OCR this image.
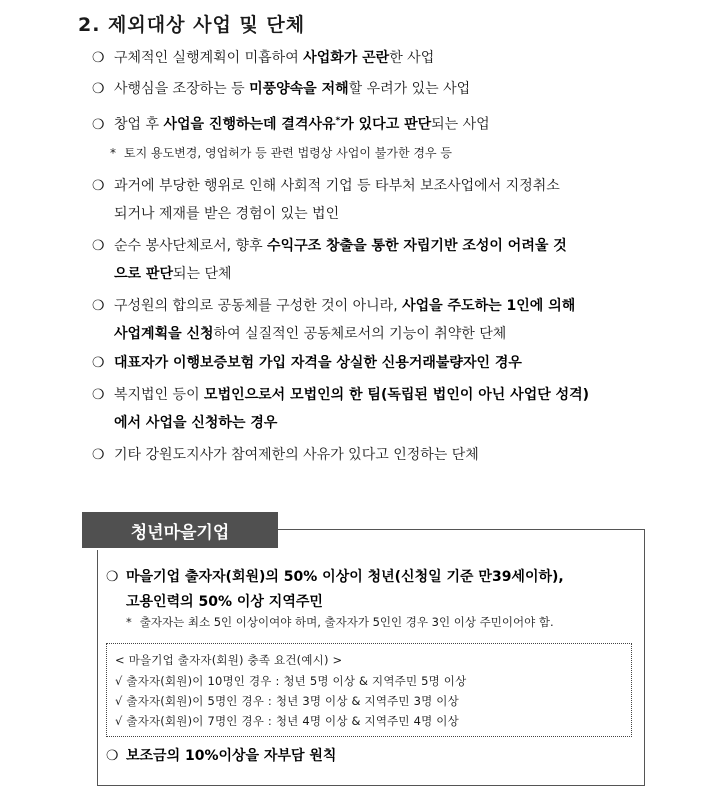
2. 제외대상 사업 및 단체
* 토지 용도변경, 영업허가 등 관련 법령상 사업이 불가한 경우 등
청년마을기업
❍ 마을기업 출자자(회원)의 50% 이상이 청년(신청일 기준 만39세이하),
고용인력의 50% 이상 지역주민
* 출자자는 최소 5인 이상이여야 하며, 출자자가 5인인 경우 3인 이상 주민이어야 함.
< 마을기업 출자자(회원) 충족 요건(예시) >
√ 출자자(회원)이 10명인 경우 : 청년 5명 이상 & 지역주민 5명 이상
√ 출자자(회원)이 5명인 경우 : 청년 3명 이상 & 지역주민 3명 이상
√ 출자자(회원)이 7명인 경우 : 청년 4명 이상 & 지역주민 4명 이상
❍ 보조금의 10%이상을 자부담 원칙
❍ 구체적인 실행계획이 미흡하여 사업화가 곤란한 사업
❍ 사행심을 조장하는 등 미풍양속을 저해할 우려가 있는 사업
❍ 창업 후 사업을 진행하는데 결격사유*가 있다고 판단되는 사업
❍ 과거에 부당한 행위로 인해 사회적 기업 등 타부처 보조사업에서 지정취소
되거나 제재를 받은 경험이 있는 법인
❍ 순수 봉사단체로서, 향후 수익구조 창출을 통한 자립기반 조성이 어려울 것
으로 판단되는 단체
❍ 구성원의 합의로 공동체를 구성한 것이 아니라, 사업을 주도하는 1인에 의해
사업계획을 신청하여 실질적인 공동체로서의 기능이 취약한 단체
❍ 대표자가 이행보증보험 가입 자격을 상실한 신용거래불량자인 경우
❍ 복지법인 등이 모법인으로서 모법인의 한 팀(독립된 법인이 아닌 사업단 성격)
에서 사업을 신청하는 경우
❍ 기타 강원도지사가 참여제한의 사유가 있다고 인정하는 단체
